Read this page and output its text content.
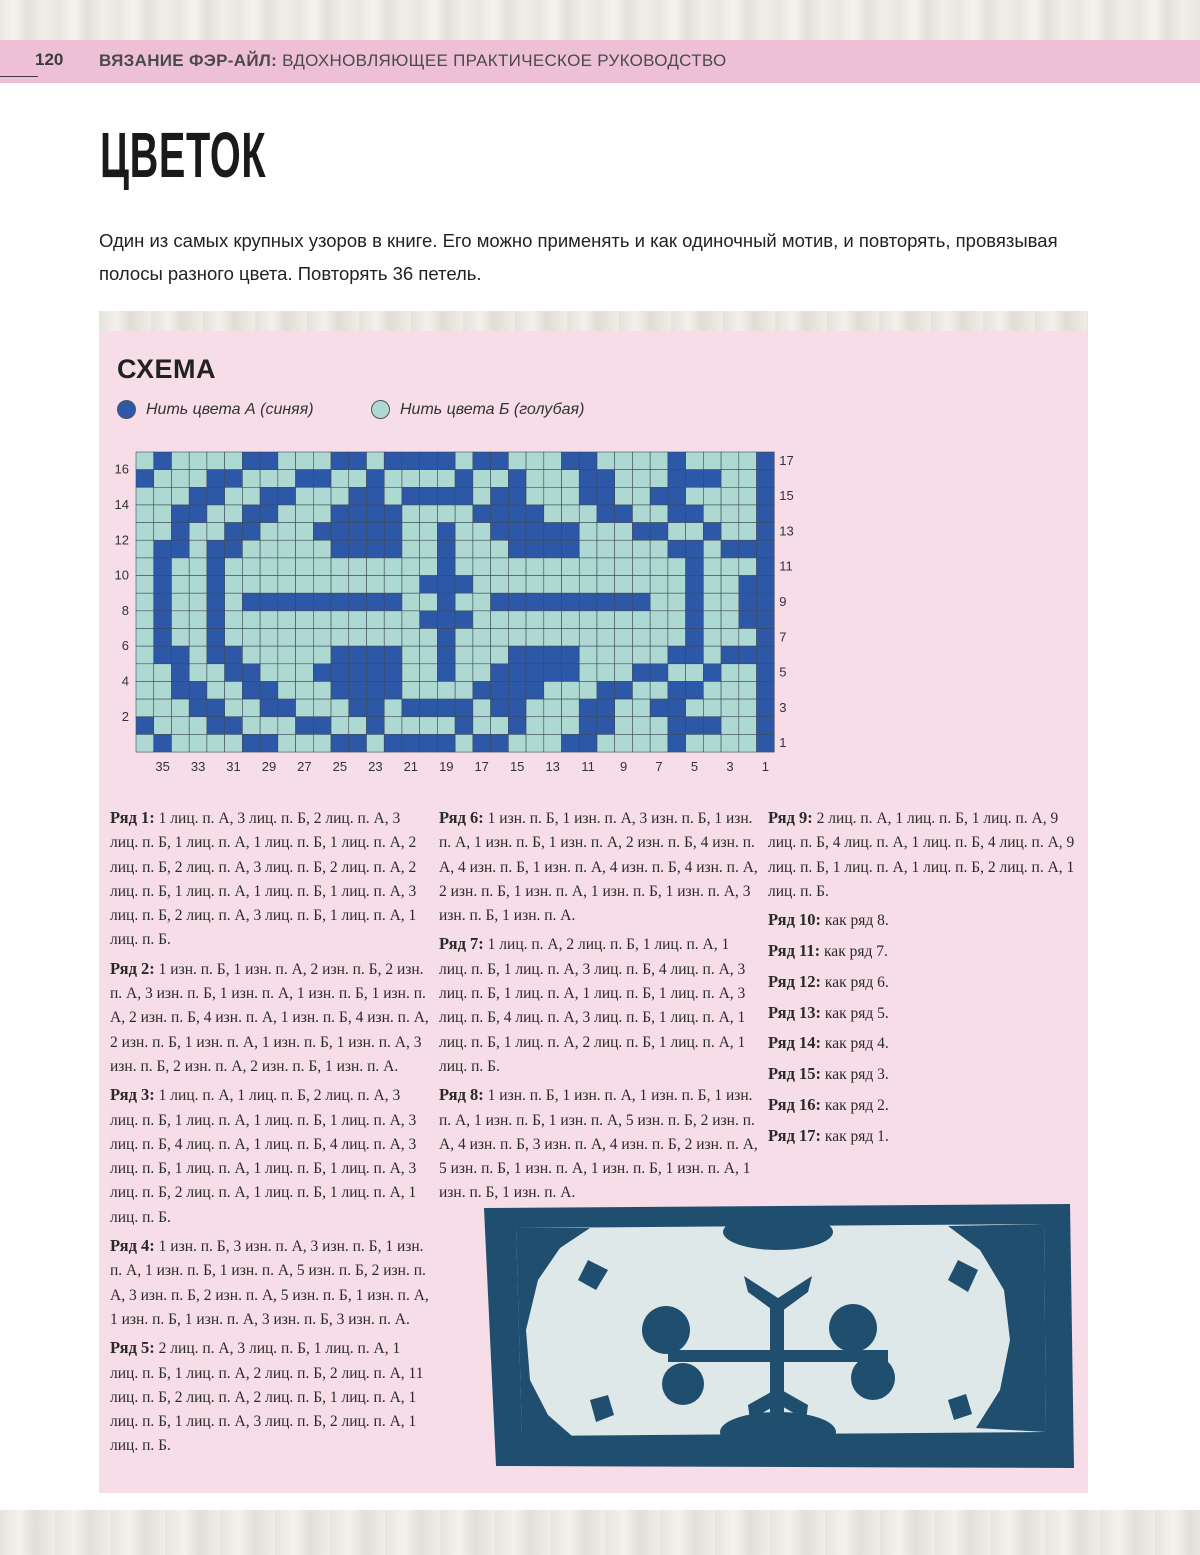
120 ВЯЗАНИЕ ФЭР-АЙЛ: ВДОХНОВЛЯЮЩЕЕ ПРАКТИЧЕСКОЕ РУКОВОДСТВО
ЦВЕТОК
Один из самых крупных узоров в книге. Его можно применять и как одиночный мотив, и повторять, провязывая полосы разного цвета. Повторять 36 петель.
СХЕМА
Нить цвета А (синяя)	Нить цвета Б (голубая)
2
4
6
8
10
12
14
16
1
3
5
7
9
11
13
15
17
35 33 31 29 27 25 23 21 19 17 15 13 11 9 7 5 3 1

Ряд 1: 1 лиц. п. А, 3 лиц. п. Б, 2 лиц. п. А, 3 лиц. п. Б, 1 лиц. п. А, 1 лиц. п. Б, 1 лиц. п. А, 2 лиц. п. Б, 2 лиц. п. А, 3 лиц. п. Б, 2 лиц. п. А, 2 лиц. п. Б, 1 лиц. п. А, 1 лиц. п. Б, 1 лиц. п. А, 3 лиц. п. Б, 2 лиц. п. А, 3 лиц. п. Б, 1 лиц. п. А, 1 лиц. п. Б.

Ряд 2: 1 изн. п. Б, 1 изн. п. А, 2 изн. п. Б, 2 изн. п. А, 3 изн. п. Б, 1 изн. п. А, 1 изн. п. Б, 1 изн. п. А, 2 изн. п. Б, 4 изн. п. А, 1 изн. п. Б, 4 изн. п. А, 2 изн. п. Б, 1 изн. п. А, 1 изн. п. Б, 1 изн. п. А, 3 изн. п. Б, 2 изн. п. А, 2 изн. п. Б, 1 изн. п. А.

Ряд 3: 1 лиц. п. А, 1 лиц. п. Б, 2 лиц. п. А, 3 лиц. п. Б, 1 лиц. п. А, 1 лиц. п. Б, 1 лиц. п. А, 3 лиц. п. Б, 4 лиц. п. А, 1 лиц. п. Б, 4 лиц. п. А, 3 лиц. п. Б, 1 лиц. п. А, 1 лиц. п. Б, 1 лиц. п. А, 3 лиц. п. Б, 2 лиц. п. А, 1 лиц. п. Б, 1 лиц. п. А, 1 лиц. п. Б.

Ряд 4: 1 изн. п. Б, 3 изн. п. А, 3 изн. п. Б, 1 изн. п. А, 1 изн. п. Б, 1 изн. п. А, 5 изн. п. Б, 2 изн. п. А, 3 изн. п. Б, 2 изн. п. А, 5 изн. п. Б, 1 изн. п. А, 1 изн. п. Б, 1 изн. п. А, 3 изн. п. Б, 3 изн. п. А.

Ряд 5: 2 лиц. п. А, 3 лиц. п. Б, 1 лиц. п. А, 1 лиц. п. Б, 1 лиц. п. А, 2 лиц. п. Б, 2 лиц. п. А, 11 лиц. п. Б, 2 лиц. п. А, 2 лиц. п. Б, 1 лиц. п. А, 1 лиц. п. Б, 1 лиц. п. А, 3 лиц. п. Б, 2 лиц. п. А, 1 лиц. п. Б.

Ряд 6: 1 изн. п. Б, 1 изн. п. А, 3 изн. п. Б, 1 изн. п. А, 1 изн. п. Б, 1 изн. п. А, 2 изн. п. Б, 4 изн. п. А, 4 изн. п. Б, 1 изн. п. А, 4 изн. п. Б, 4 изн. п. А, 2 изн. п. Б, 1 изн. п. А, 1 изн. п. Б, 1 изн. п. А, 3 изн. п. Б, 1 изн. п. А.

Ряд 7: 1 лиц. п. А, 2 лиц. п. Б, 1 лиц. п. А, 1 лиц. п. Б, 1 лиц. п. А, 3 лиц. п. Б, 4 лиц. п. А, 3 лиц. п. Б, 1 лиц. п. А, 1 лиц. п. Б, 1 лиц. п. А, 3 лиц. п. Б, 4 лиц. п. А, 3 лиц. п. Б, 1 лиц. п. А, 1 лиц. п. Б, 1 лиц. п. А, 2 лиц. п. Б, 1 лиц. п. А, 1 лиц. п. Б.

Ряд 8: 1 изн. п. Б, 1 изн. п. А, 1 изн. п. Б, 1 изн. п. А, 1 изн. п. Б, 1 изн. п. А, 5 изн. п. Б, 2 изн. п. А, 4 изн. п. Б, 3 изн. п. А, 4 изн. п. Б, 2 изн. п. А, 5 изн. п. Б, 1 изн. п. А, 1 изн. п. Б, 1 изн. п. А, 1 изн. п. Б, 1 изн. п. А.

Ряд 9: 2 лиц. п. А, 1 лиц. п. Б, 1 лиц. п. А, 9 лиц. п. Б, 4 лиц. п. А, 1 лиц. п. Б, 4 лиц. п. А, 9 лиц. п. Б, 1 лиц. п. А, 1 лиц. п. Б, 2 лиц. п. А, 1 лиц. п. Б.

Ряд 10: как ряд 8.

Ряд 11: как ряд 7.

Ряд 12: как ряд 6.

Ряд 13: как ряд 5.

Ряд 14: как ряд 4.

Ряд 15: как ряд 3.

Ряд 16: как ряд 2.

Ряд 17: как ряд 1.
